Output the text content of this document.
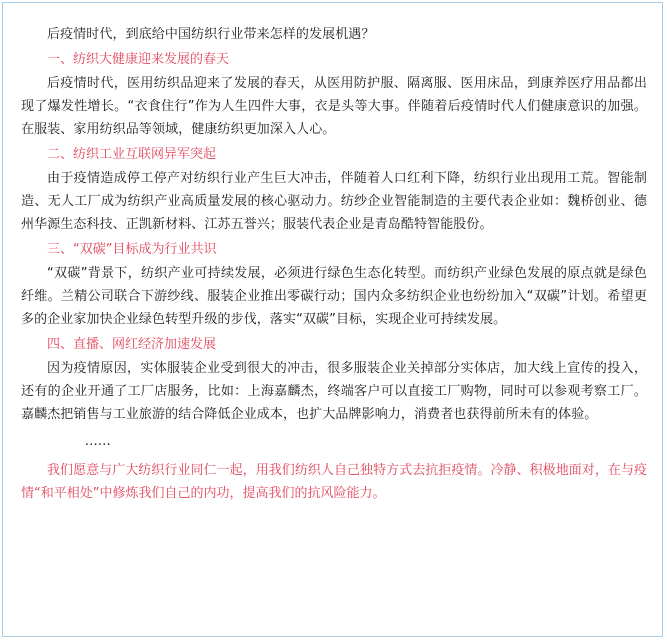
后疫情时代，到底给中国纺织行业带来怎样的发展机遇？

一、纺织大健康迎来发展的春天

后疫情时代，医用纺织品迎来了发展的春天，从医用防护服、隔离服、医用床品，到康养医疗用品都出现了爆发性增长。“衣食住行”作为人生四件大事，衣是头等大事。伴随着后疫情时代人们健康意识的加强。在服装、家用纺织品等领域，健康纺织更加深入人心。

二、纺织工业互联网异军突起

由于疫情造成停工停产对纺织行业产生巨大冲击，伴随着人口红利下降，纺织行业出现用工荒。智能制造、无人工厂成为纺织产业高质量发展的核心驱动力。纺纱企业智能制造的主要代表企业如：魏桥创业、德州华源生态科技、正凯新材料、江苏五誉兴；服装代表企业是青岛酷特智能股份。

三、“双碳”目标成为行业共识

“双碳”背景下，纺织产业可持续发展，必须进行绿色生态化转型。而纺织产业绿色发展的原点就是绿色纤维。兰精公司联合下游纱线、服装企业推出零碳行动；国内众多纺织企业也纷纷加入“双碳”计划。希望更多的企业家加快企业绿色转型升级的步伐，落实“双碳”目标，实现企业可持续发展。

四、直播、网红经济加速发展

因为疫情原因，实体服装企业受到很大的冲击，很多服装企业关掉部分实体店，加大线上宣传的投入，还有的企业开通了工厂店服务，比如：上海嘉麟杰，终端客户可以直接工厂购物，同时可以参观考察工厂。嘉麟杰把销售与工业旅游的结合降低企业成本，也扩大品牌影响力，消费者也获得前所未有的体验。

……

我们愿意与广大纺织行业同仁一起，用我们纺织人自己独特方式去抗拒疫情。冷静、积极地面对，在与疫情“和平相处”中修炼我们自己的内功，提高我们的抗风险能力。
